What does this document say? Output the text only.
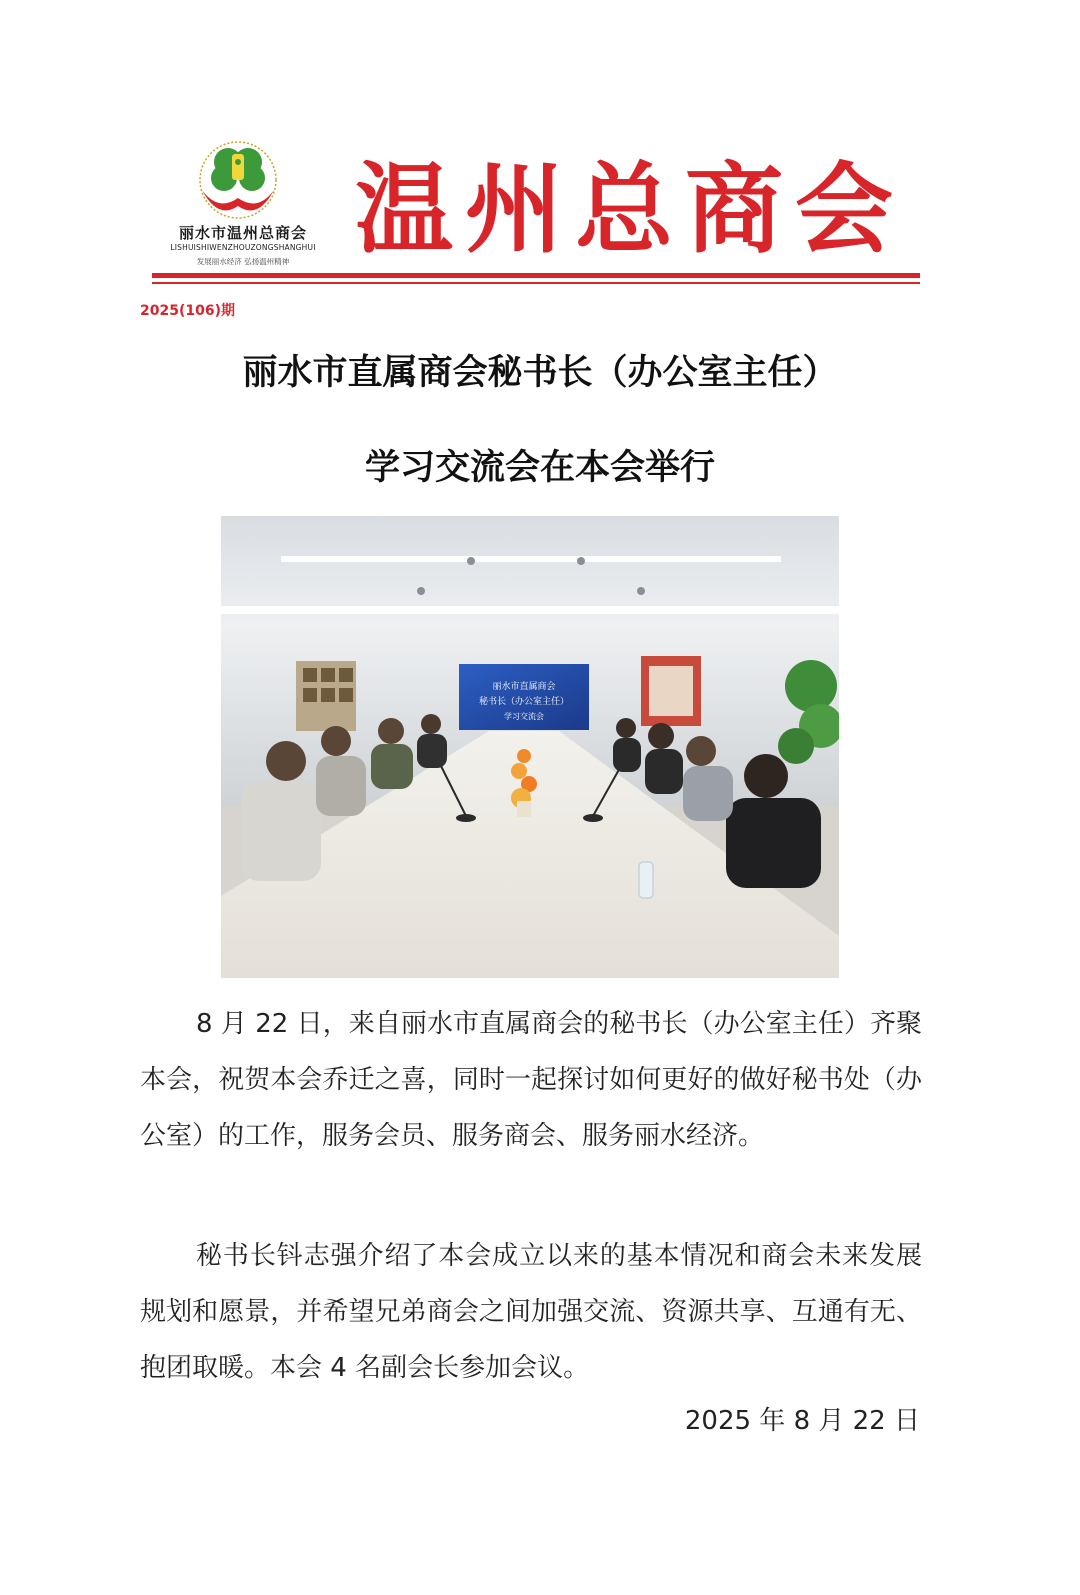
丽水市温州总商会
LISHUISHIWENZHOUZONGSHANGHUI
发展丽水经济 弘扬温州精神 温州总商会
2025(106)期
丽水市直属商会秘书长（办公室主任）
学习交流会在本会举行
丽水市直属商会
秘书长（办公室主任）
学习交流会

8 月 22 日，来自丽水市直属商会的秘书长（办公室主任）齐聚本会，祝贺本会乔迁之喜，同时一起探讨如何更好的做好秘书处（办公室）的工作，服务会员、服务商会、服务丽水经济。

秘书长钭志强介绍了本会成立以来的基本情况和商会未来发展规划和愿景，并希望兄弟商会之间加强交流、资源共享、互通有无、抱团取暖。本会 4 名副会长参加会议。

2025 年 8 月 22 日
